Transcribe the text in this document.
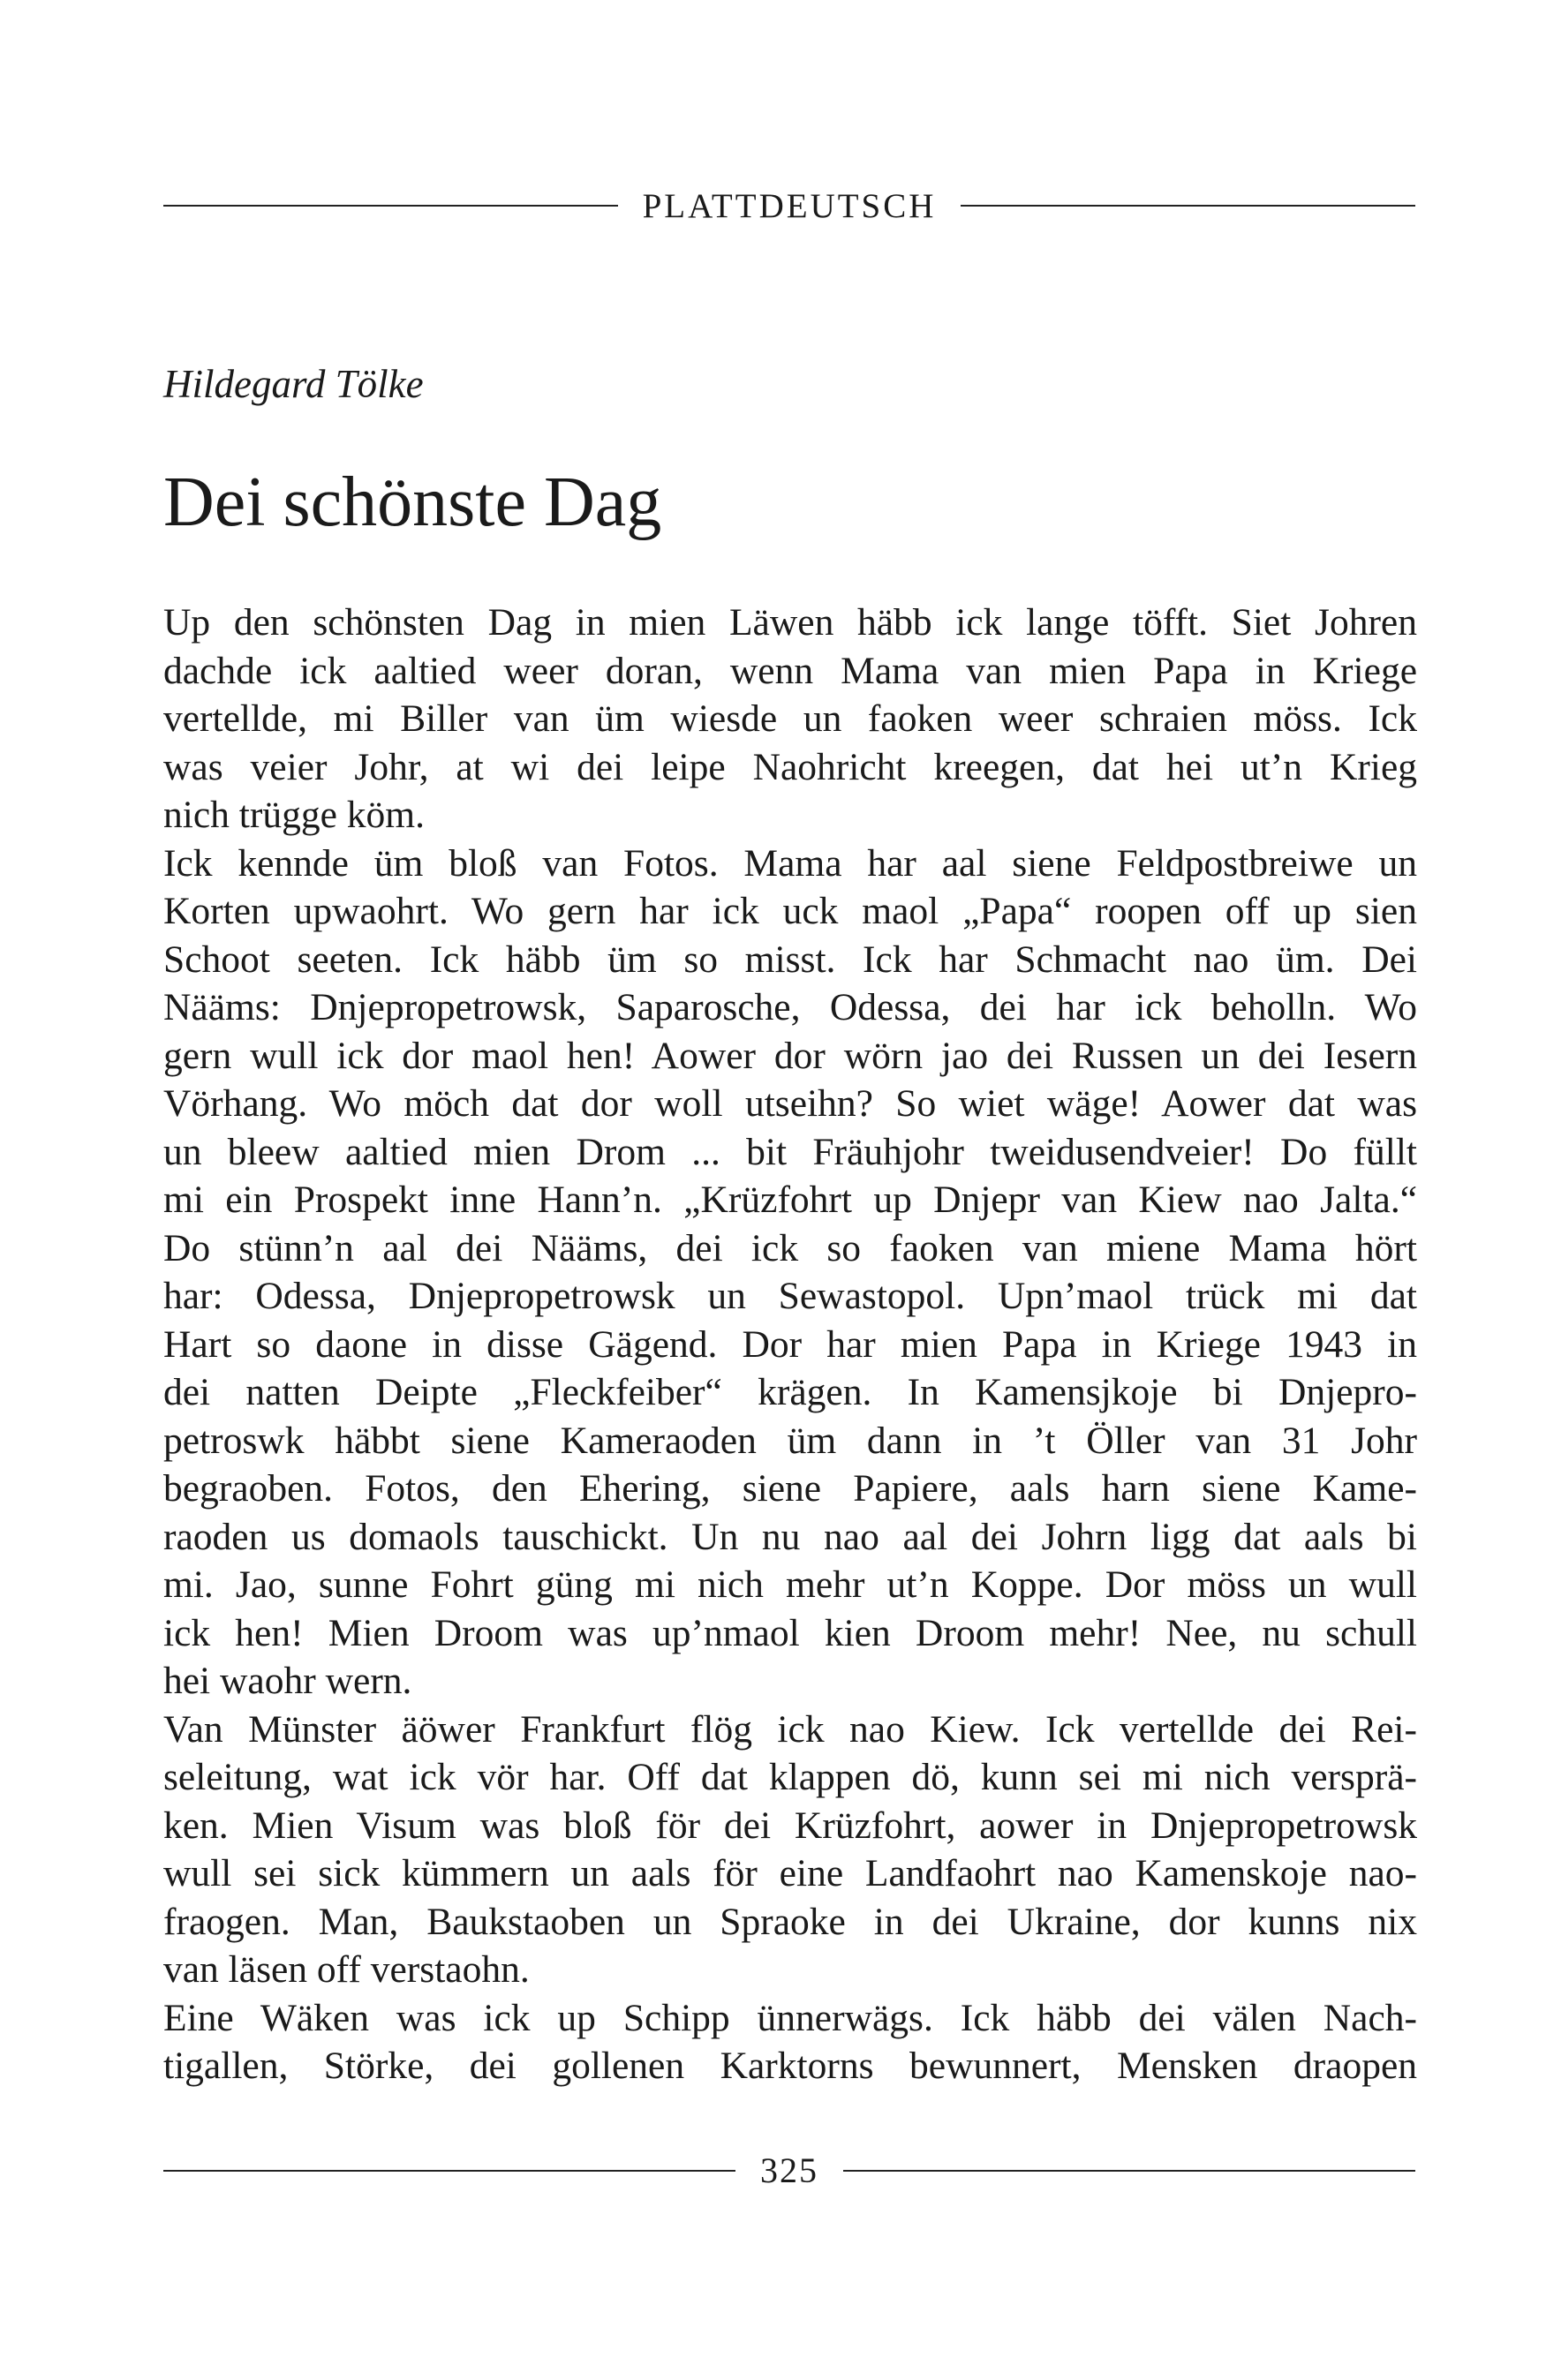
PLATTDEUTSCH
Hildegard Tölke
Dei schönste Dag
Up den schönsten Dag in mien Läwen häbb ick lange töfft. Siet Johren
dachde ick aaltied weer doran, wenn Mama van mien Papa in Kriege
vertellde, mi Biller van üm wiesde un faoken weer schraien möss. Ick
was veier Johr, at wi dei leipe Naohricht kreegen, dat hei ut’n Krieg
nich trügge köm.
Ick kennde üm bloß van Fotos. Mama har aal siene Feldpostbreiwe un
Korten upwaohrt. Wo gern har ick uck maol „Papa“ roopen off up sien
Schoot seeten. Ick häbb üm so misst. Ick har Schmacht nao üm. Dei
Nääms: Dnjepropetrowsk, Saparosche, Odessa, dei har ick beholln. Wo
gern wull ick dor maol hen! Aower dor wörn jao dei Russen un dei Iesern
Vörhang. Wo möch dat dor woll utseihn? So wiet wäge! Aower dat was
un bleew aaltied mien Drom ... bit Fräuhjohr tweidusendveier! Do füllt
mi ein Prospekt inne Hann’n. „Krüzfohrt up Dnjepr van Kiew nao Jalta.“
Do stünn’n aal dei Nääms, dei ick so faoken van miene Mama hört
har: Odessa, Dnjepropetrowsk un Sewastopol. Upn’maol trück mi dat
Hart so daone in disse Gägend. Dor har mien Papa in Kriege 1943 in
dei natten Deipte „Fleckfeiber“ krägen. In Kamensjkoje bi Dnjepro-
petroswk häbbt siene Kameraoden üm dann in ’t Öller van 31 Johr
begraoben. Fotos, den Ehering, siene Papiere, aals harn siene Kame-
raoden us domaols tauschickt. Un nu nao aal dei Johrn ligg dat aals bi
mi. Jao, sunne Fohrt güng mi nich mehr ut’n Koppe. Dor möss un wull
ick hen! Mien Droom was up’nmaol kien Droom mehr! Nee, nu schull
hei waohr wern.
Van Münster äöwer Frankfurt flög ick nao Kiew. Ick vertellde dei Rei-
seleitung, wat ick vör har. Off dat klappen dö, kunn sei mi nich versprä-
ken. Mien Visum was bloß för dei Krüzfohrt, aower in Dnjepropetrowsk
wull sei sick kümmern un aals för eine Landfaohrt nao Kamenskoje nao-
fraogen. Man, Baukstaoben un Spraoke in dei Ukraine, dor kunns nix
van läsen off verstaohn.
Eine Wäken was ick up Schipp ünnerwägs. Ick häbb dei välen Nach-
tigallen, Störke, dei gollenen Karktorns bewunnert, Mensken draopen
325
